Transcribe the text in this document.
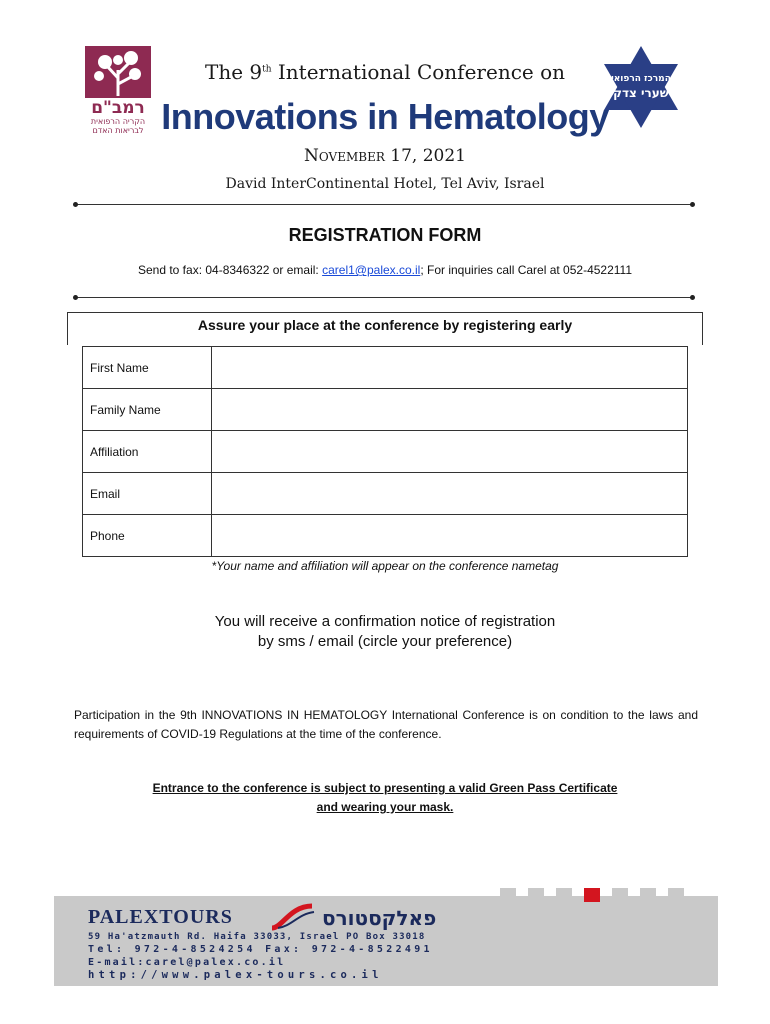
רמב"ם
הקריה הרפואית
לבריאות האדם
המרכז הרפואי
שערי צדק
The 9th International Conference on
Innovations in Hematology
November 17, 2021
David InterContinental Hotel, Tel Aviv, Israel
REGISTRATION FORM
Send to fax: 04-8346322 or email: carel1@palex.co.il; For inquiries call Carel at 052-4522111
Assure your place at the conference by registering early
First Name	
Family Name	
Affiliation	
Email	
Phone	
*Your name and affiliation will appear on the conference nametag
You will receive a confirmation notice of registration
by sms / email (circle your preference)
Participation in the 9th INNOVATIONS IN HEMATOLOGY International Conference is on condition to the laws and requirements of COVID-19 Regulations at the time of the conference.
Entrance to the conference is subject to presenting a valid Green Pass Certificate
and wearing your mask.
PALEXTOURS	פאלקסטורס
59 Ha'atzmauth Rd. Haifa 33033, Israel PO Box 33018
Tel: 972-4-8524254 Fax: 972-4-8522491
E-mail:carel@palex.co.il
http://www.palex-tours.co.il
